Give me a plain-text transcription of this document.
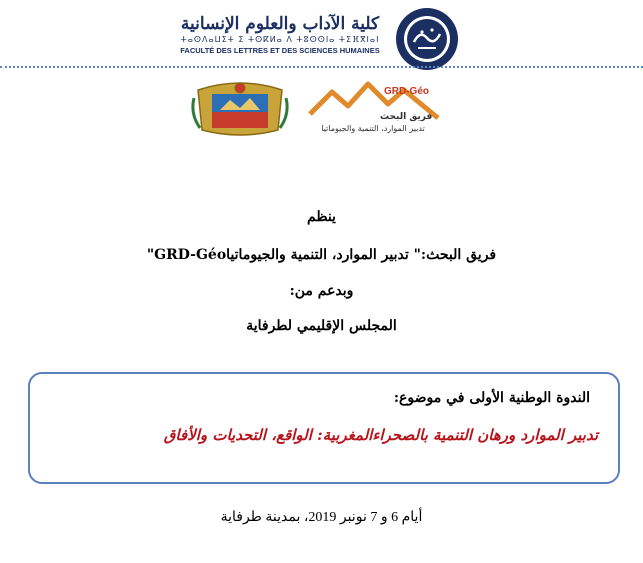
كلية الآداب والعلوم الإنسانية
ⵜⴰⵙⴷⴰⵡⵉⵜ ⵉ ⵜⵙⴽⵍⴰ ⴷ ⵜⵓⵙⵙⵏⴰ ⵜⵉⴼⴳⵏⴰⵏ
FACULTÉ DES LETTRES ET DES SCIENCES HUMAINES
GRD-Géo
فريق البحث
تدبير الموارد، التنمية والجيوماتيا
ينظم
فريق البحث:" تدبير الموارد، التنمية والجيوماتياGRD-Géo"
وبدعم من:
المجلس الإقليمي لطرفاية
الندوة الوطنية الأولى في موضوع:
تدبير الموارد ورهان التنمية بالصحراءالمغربية: الواقع، التحديات والأفاق
أيام 6 و 7 نونبر 2019، بمدينة طرفاية
